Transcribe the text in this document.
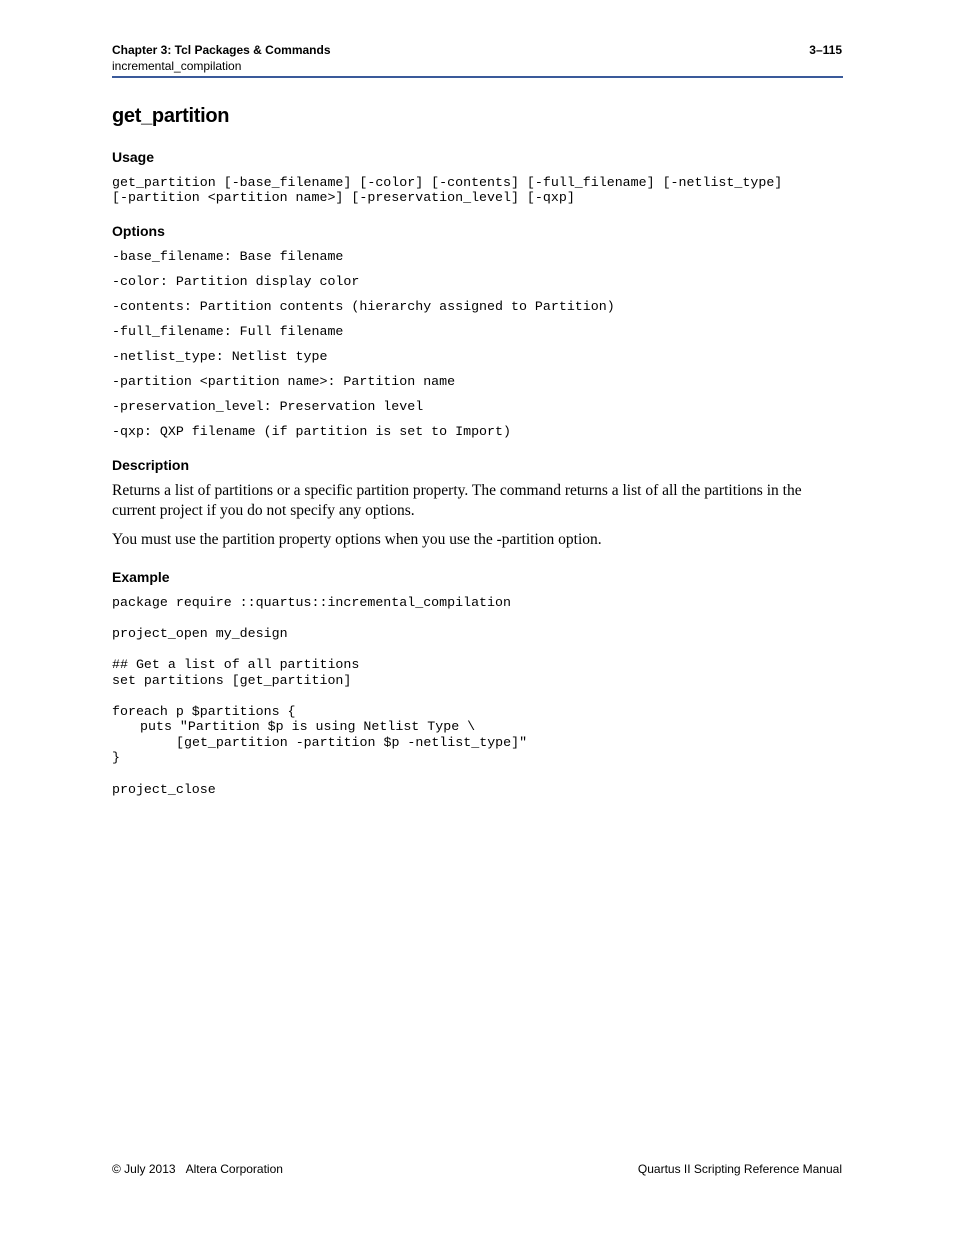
Chapter 3: Tcl Packages & Commands
incremental_compilation
3–115
get_partition
Usage
get_partition [-base_filename] [-color] [-contents] [-full_filename] [-netlist_type]
[-partition <partition name>] [-preservation_level] [-qxp]
Options
-base_filename: Base filename
-color: Partition display color
-contents: Partition contents (hierarchy assigned to Partition)
-full_filename: Full filename
-netlist_type: Netlist type
-partition <partition name>: Partition name
-preservation_level: Preservation level
-qxp: QXP filename (if partition is set to Import)
Description

Returns a list of partitions or a specific partition property. The command returns a list of all the partitions in the current project if you do not specify any options.

You must use the partition property options when you use the -partition option.

Example
package require ::quartus::incremental_compilation
project_open my_design
## Get a list of all partitions
set partitions [get_partition]
foreach p $partitions {
puts "Partition $p is using Netlist Type \
[get_partition -partition $p -netlist_type]"
}
project_close
© July 2013 Altera Corporation	Quartus II Scripting Reference Manual
